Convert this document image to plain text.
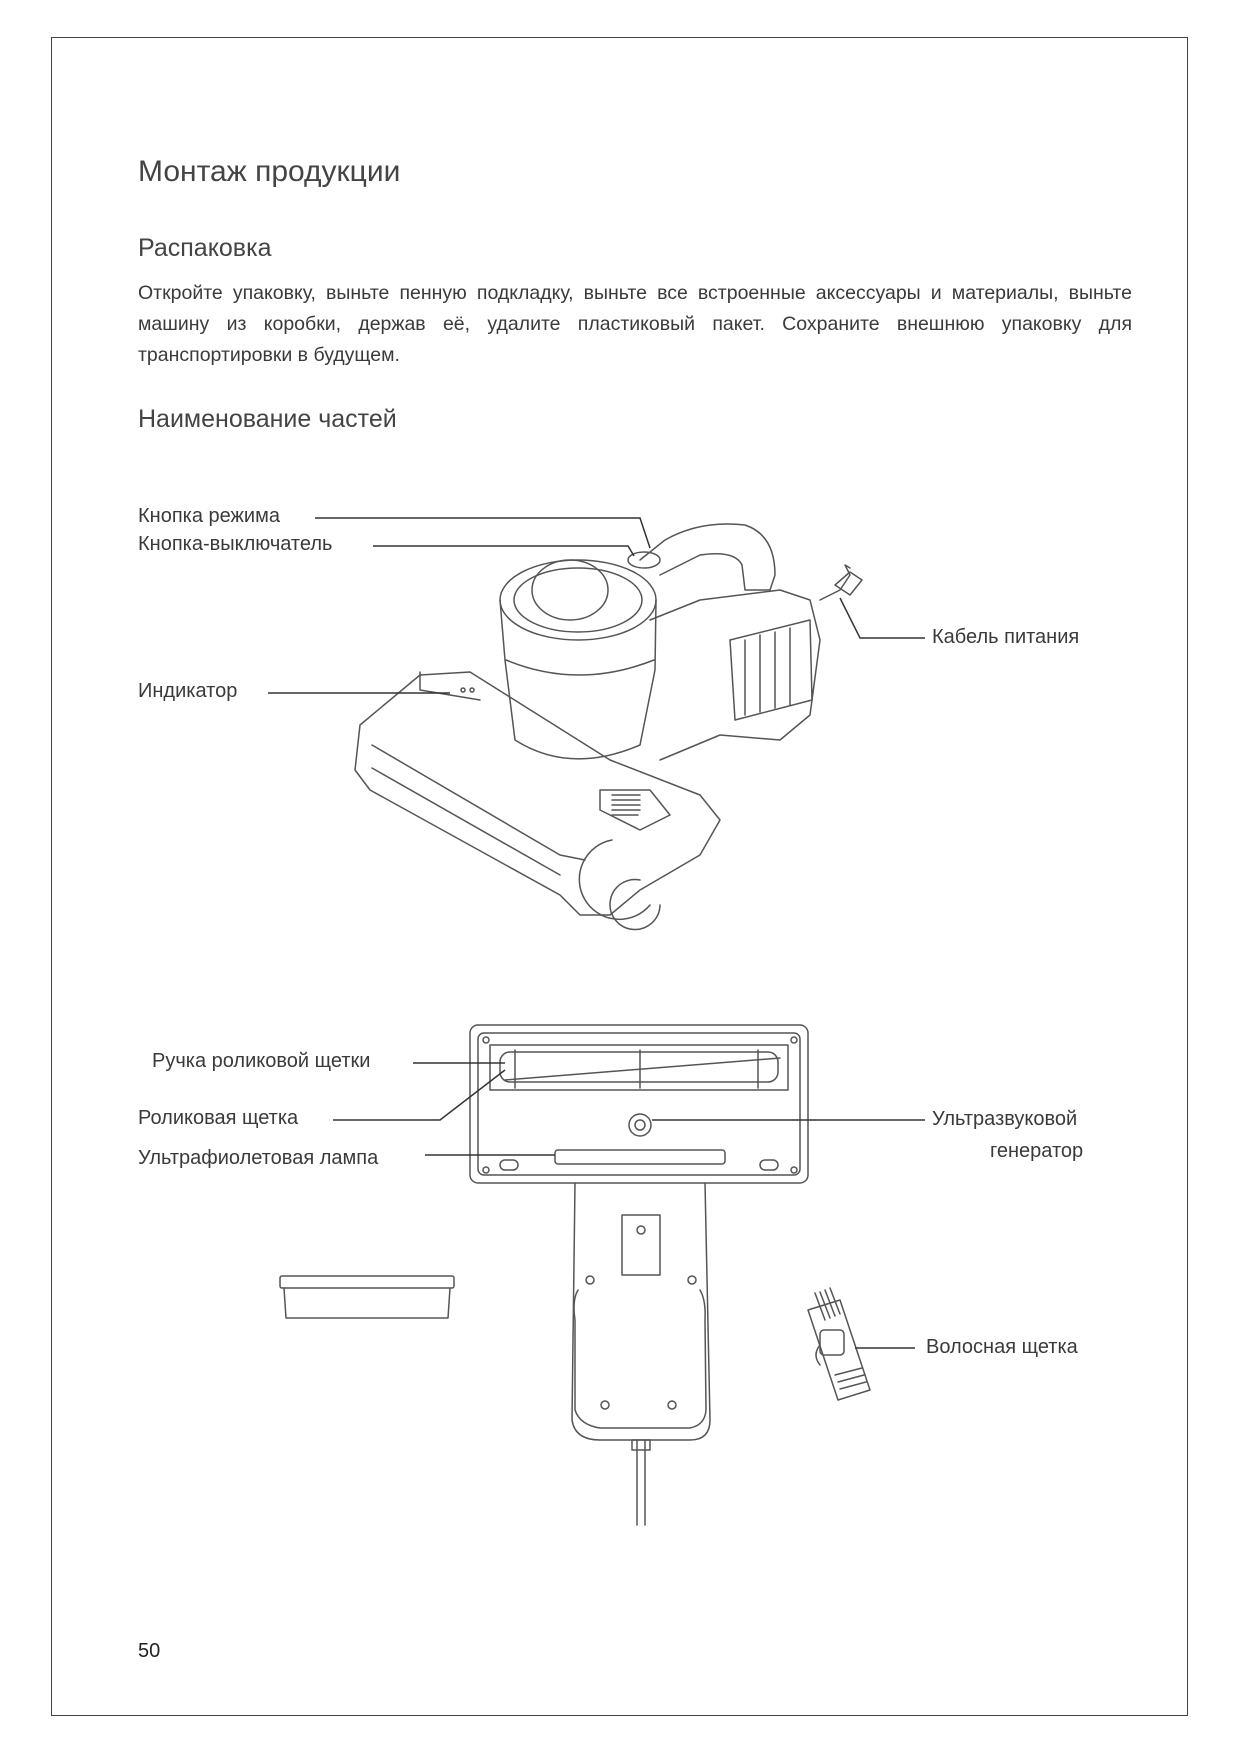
Монтаж продукции
Распаковка

Откройте упаковку, выньте пенную подкладку, выньте все встроенные аксессуары и материалы, выньте машину из коробки, держав её, удалите пластиковый пакет. Сохраните внешнюю упаковку для транспортировки в будущем.

Наименование частей
Кнопка режима
Кнопка-выключатель
Кабель питания
Индикатор
Ручка роликовой щетки
Роликовая щетка
Ультрафиолетовая лампа
Ультразвуковой
генератор
Волосная щетка
50
